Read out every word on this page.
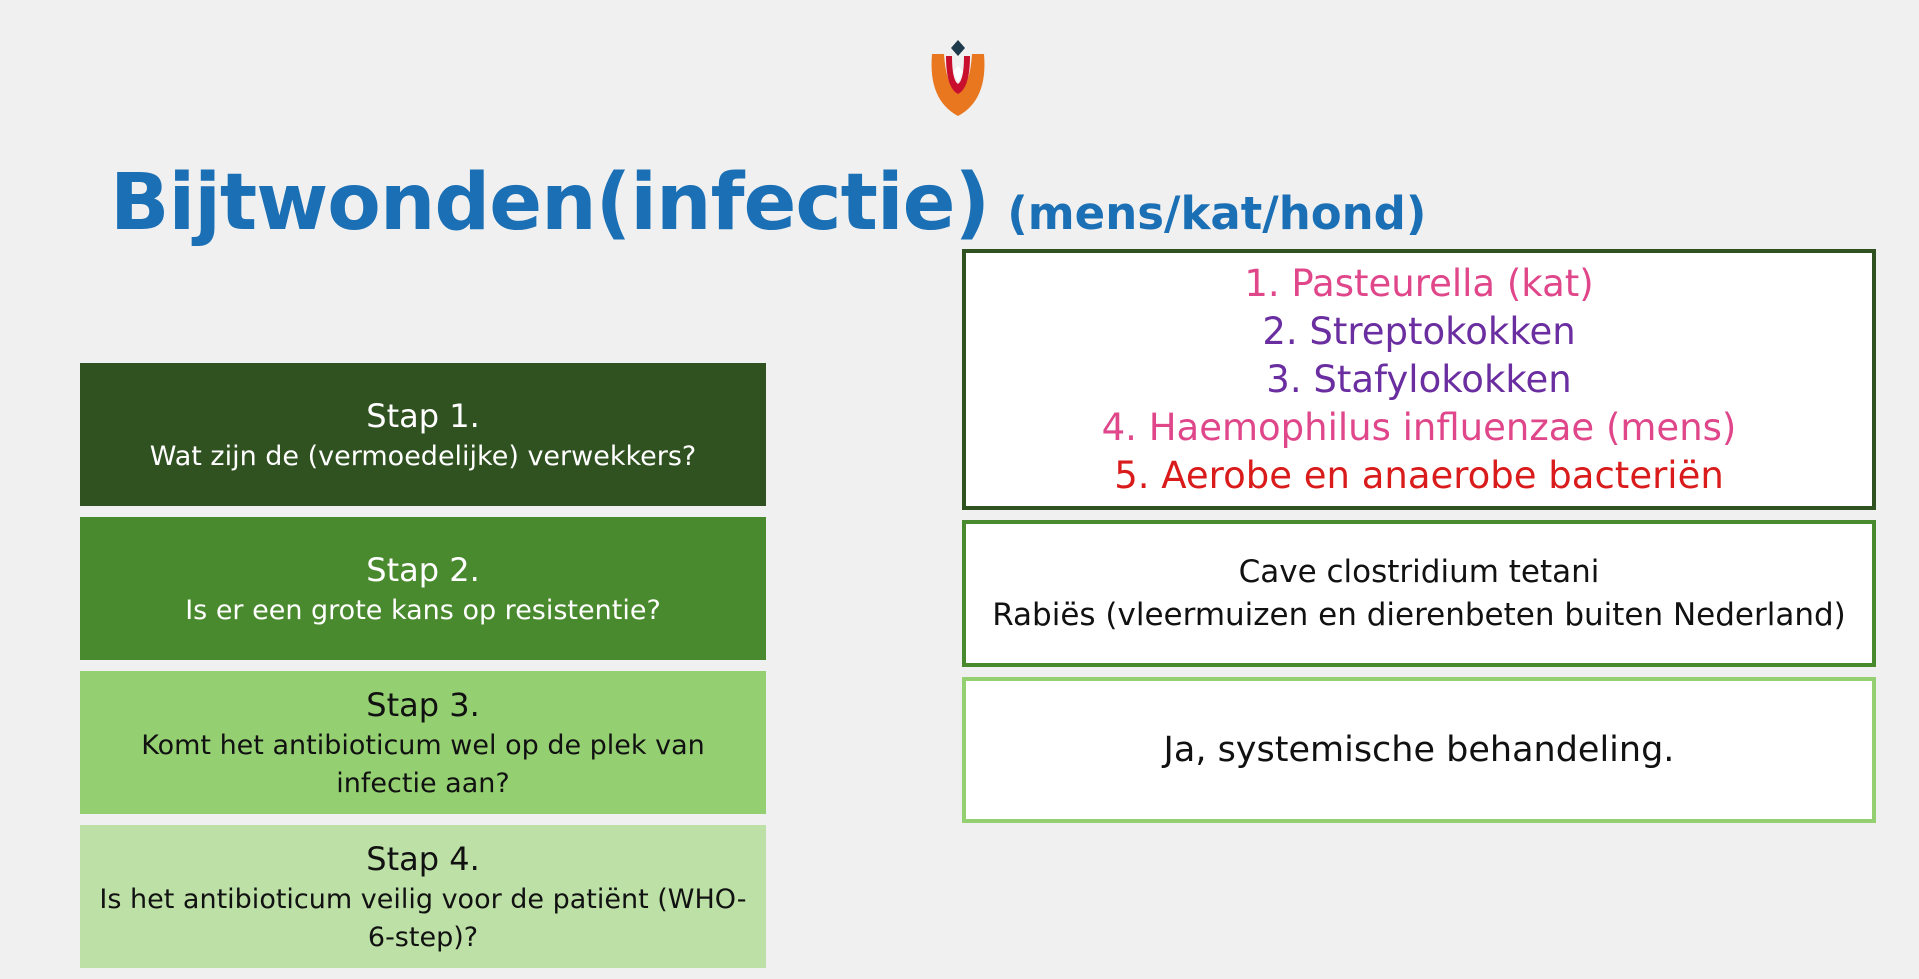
Bijtwonden(infectie) (mens/kat/hond)
Stap 1.
Wat zijn de (vermoedelijke) verwekkers?
Stap 2.
Is er een grote kans op resistentie?
Stap 3.
Komt het antibioticum wel op de plek van infectie aan?
Stap 4.
Is het antibioticum veilig voor de patiënt (WHO-6-step)?
1. Pasteurella (kat)
2. Streptokokken
3. Stafylokokken
4. Haemophilus influenzae (mens)
5. Aerobe en anaerobe bacteriën
Cave clostridium tetani
Rabiës (vleermuizen en dierenbeten buiten Nederland)
Ja, systemische behandeling.
